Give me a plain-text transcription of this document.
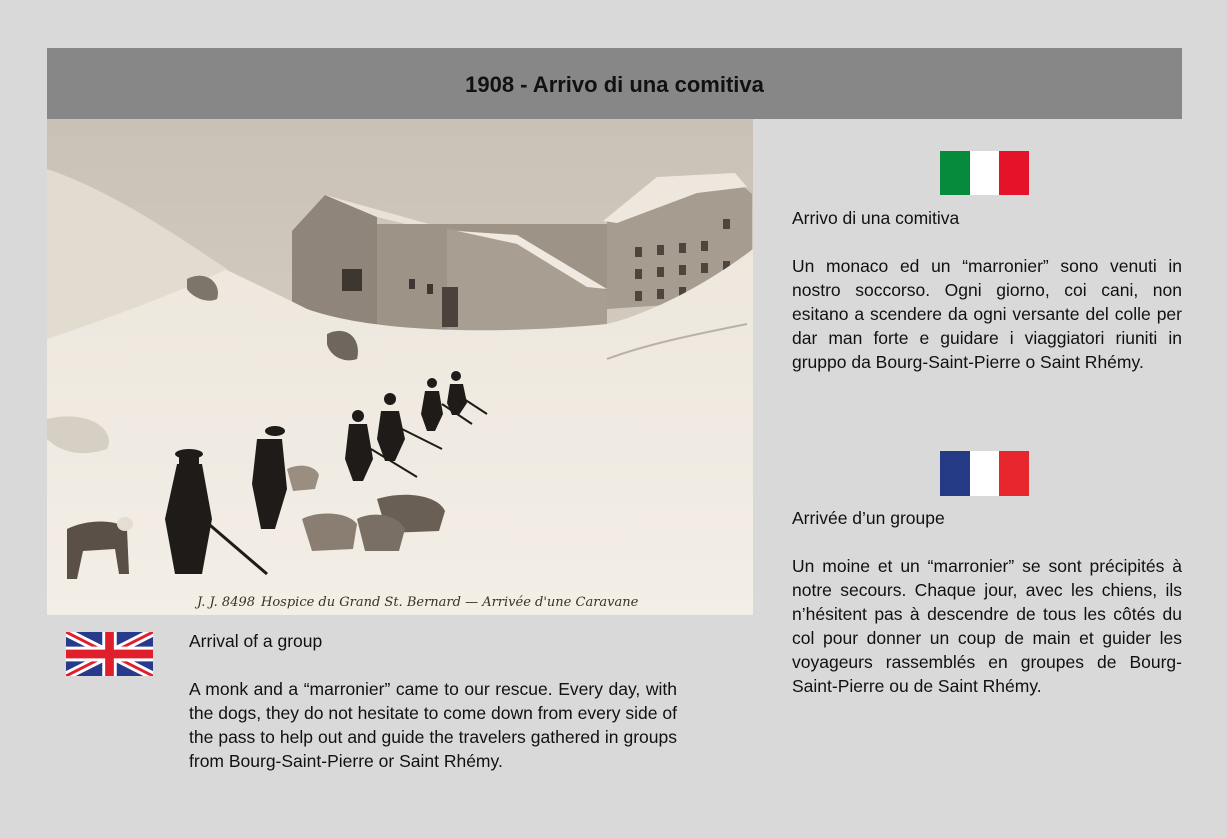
1908 - Arrivo di una comitiva
J. J. 8498 Hospice du Grand St. Bernard — Arrivée d'une Caravane

Arrivo di una comitiva

Un monaco ed un “marronier” sono venuti in nostro soccorso. Ogni giorno, coi cani, non esitano a scendere da ogni versante del colle per dar man forte e guidare i viaggiatori riuniti in gruppo da Bourg-Saint-Pierre o Saint Rhémy.

Arrivée d’un groupe

Un moine et un “marronier” se sont précipités à notre secours. Chaque jour, avec les chiens, ils n’hésitent pas à descendre de tous les côtés du col pour donner un coup de main et guider les voyageurs rassemblés en groupes de Bourg-Saint-Pierre ou de Saint Rhémy.

Arrival of a group

A monk and a “marronier” came to our rescue. Every day, with the dogs, they do not hesitate to come down from every side of the pass to help out and guide the travelers gathered in groups from Bourg-Saint-Pierre or Saint Rhémy.
